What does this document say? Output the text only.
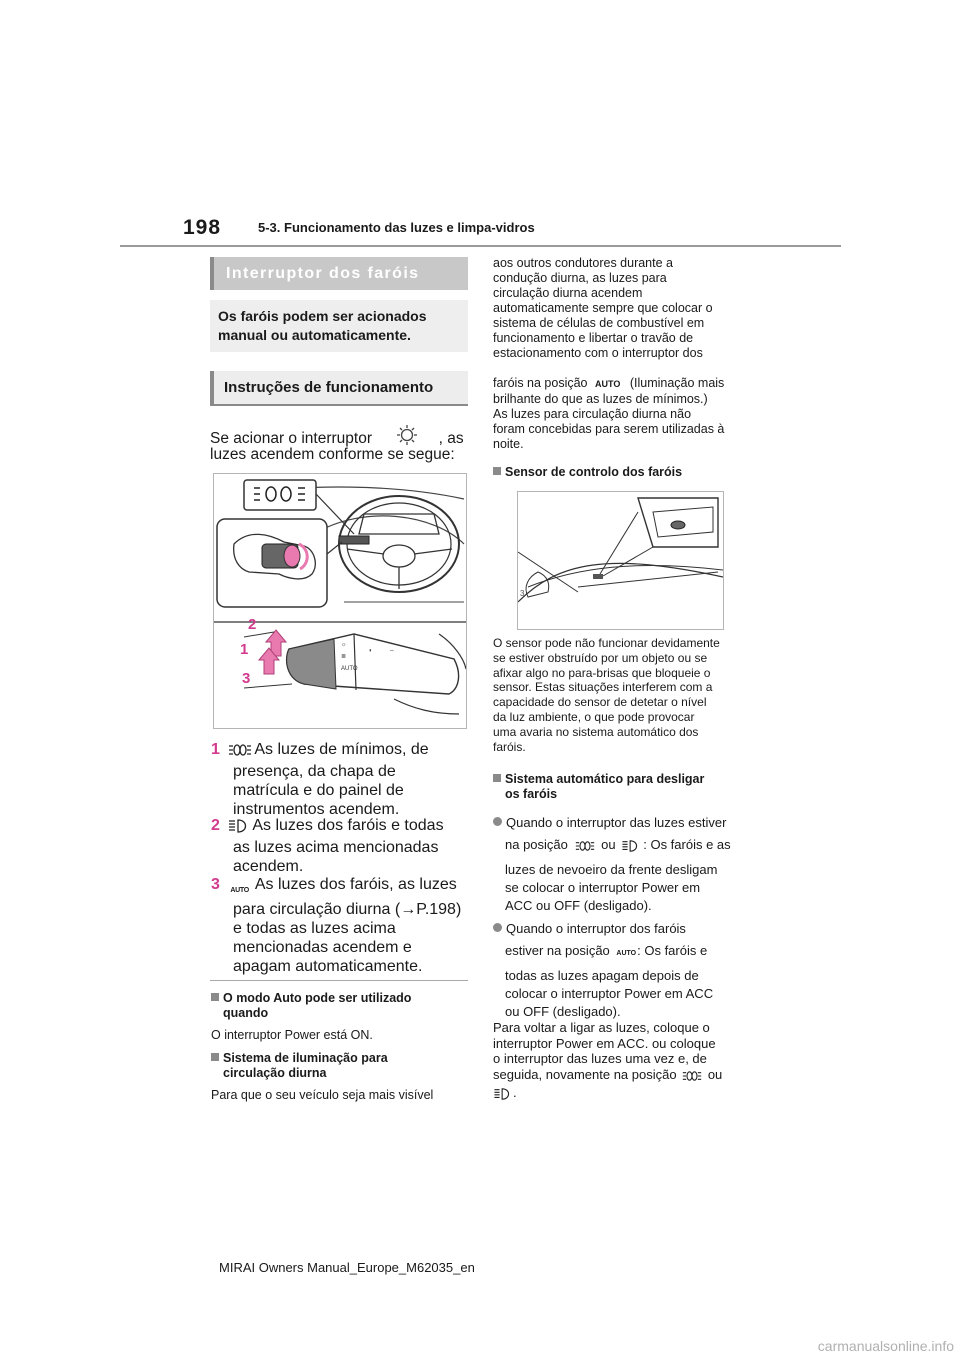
198	5-3. Funcionamento das luzes e limpa-vidros
Interruptor dos faróis
Os faróis podem ser acionados manual ou automaticamente.
Instruções de funcionamento
Se acionar o interruptor	, as
luzes acendem conforme se segue:
☼
≣
AUTO
◐	⇔
2
1
3
1 As luzes de mínimos, de
presença, da chapa de
matrícula e do painel de
instrumentos acendem.
2 As luzes dos faróis e todas
as luzes acima mencionadas
acendem.
3 AUTO As luzes dos faróis, as luzes
para circulação diurna (→P.198)
e todas as luzes acima
mencionadas acendem e
apagam automaticamente.
O modo Auto pode ser utilizado
quando
O interruptor Power está ON.
Sistema de iluminação para
circulação diurna
Para que o seu veículo seja mais visível
aos outros condutores durante a
condução diurna, as luzes para
circulação diurna acendem
automaticamente sempre que colocar o
sistema de células de combustível em
funcionamento e libertar o travão de
estacionamento com o interruptor dos
faróis na posição AUTO (Iluminação mais
brilhante do que as luzes de mínimos.)
As luzes para circulação diurna não
foram concebidas para serem utilizadas à
noite.
Sensor de controlo dos faróis
3
O sensor pode não funcionar devidamente
se estiver obstruído por um objeto ou se
afixar algo no para-brisas que bloqueie o
sensor. Estas situações interferem com a
capacidade do sensor de detetar o nível
da luz ambiente, o que pode provocar
uma avaria no sistema automático dos
faróis.
Sistema automático para desligar
os faróis
Quando o interruptor das luzes estiver
na posição	ou : Os faróis e as
luzes de nevoeiro da frente desligam
se colocar o interruptor Power em
ACC ou OFF (desligado).
Quando o interruptor dos faróis
estiver na posição AUTO: Os faróis e
todas as luzes apagam depois de
colocar o interruptor Power em ACC
ou OFF (desligado).
Para voltar a ligar as luzes, coloque o
interruptor Power em ACC. ou coloque
o interruptor das luzes uma vez e, de
seguida, novamente na posição ou
.
MIRAI Owners Manual_Europe_M62035_en
carmanualsonline.info
